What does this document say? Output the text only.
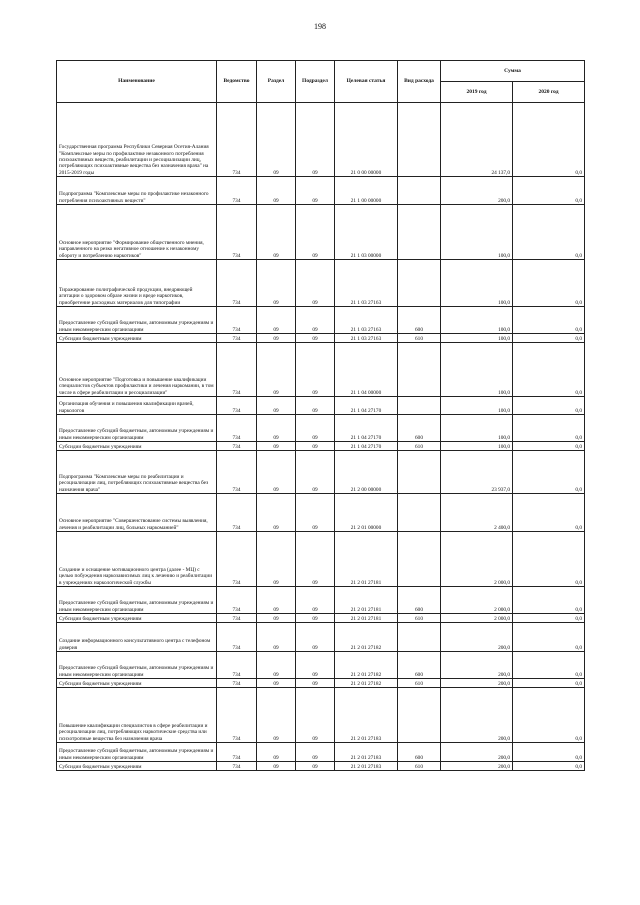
198
Наименование	Ведомство	Раздел	Подраздел	Целевая статья	Вид расхода	Сумма	
						2019 год	2020 год
Государственная программа Республики Северная Осетия-Алания "Комплексные меры по профилактике незаконного потребления психоактивных веществ, реабилитации и ресоциализации лиц, потребляющих психоактивные вещества без назначения врача" на 2015-2019 годы	734	09	09	21 0 00 00000		24 137,0	0,0
Подпрограмма "Комплексные меры по профилактике незаконного потребления психоактивных веществ"	734	09	09	21 1 00 00000		200,0	0,0
Основное мероприятие "Формирование общественного мнения, направленного на резко негативное отношение к незаконному обороту и потреблению наркотиков"	734	09	09	21 1 03 00000		100,0	0,0
Тиражирование полиграфической продукции, внедряющей агитации о здоровом образе жизни и вреде наркотиков, приобретение расходных материалов для типографии	734	09	09	21 1 03 27163		100,0	0,0
Предоставление субсидий бюджетным, автономным учреждениям и иным некоммерческим организациям	734	09	09	21 1 03 27163	600	100,0	0,0
Субсидии бюджетным учреждениям	734	09	09	21 1 03 27163	610	100,0	0,0
Основное мероприятие "Подготовка и повышение квалификации специалистов субъектов профилактики и лечения наркомании, в том числе в сфере реабилитации и ресоциализации"	734	09	09	21 1 04 00000		100,0	0,0
Организация обучения и повышения квалификации врачей, наркологов	734	09	09	21 1 04 27170		100,0	0,0
Предоставление субсидий бюджетным, автономным учреждениям и иным некоммерческим организациям	734	09	09	21 1 04 27170	600	100,0	0,0
Субсидии бюджетным учреждениям	734	09	09	21 1 04 27170	610	100,0	0,0
Подпрограмма "Комплексные меры по реабилитации и ресоциализации лиц, потребляющих психоактивные вещества без назначения врача"	734	09	09	21 2 00 00000		23 937,0	0,0
Основное мероприятие "Совершенствование системы выявления, лечения и реабилитации лиц, больных наркоманией"	734	09	09	21 2 01 00000		2 400,0	0,0
Создание и оснащение мотивационного центра (далее - МЦ) с целью побуждения наркозависимых лиц к лечению и реабилитации в учреждениях наркологической службы	734	09	09	21 2 01 27181		2 000,0	0,0
Предоставление субсидий бюджетным, автономным учреждениям и иным некоммерческим организациям	734	09	09	21 2 01 27181	600	2 000,0	0,0
Субсидии бюджетным учреждениям	734	09	09	21 2 01 27181	610	2 000,0	0,0
Создание информационного консультативного центра с телефоном доверия	734	09	09	21 2 01 27182		200,0	0,0
Предоставление субсидий бюджетным, автономным учреждениям и иным некоммерческим организациям	734	09	09	21 2 01 27182	600	200,0	0,0
Субсидии бюджетным учреждениям	734	09	09	21 2 01 27182	610	200,0	0,0
Повышение квалификации специалистов в сфере реабилитации и ресоциализации лиц, потребляющих наркотические средства или психотропные вещества без назначения врача	734	09	09	21 2 01 27183		200,0	0,0
Предоставление субсидий бюджетным, автономным учреждениям и иным некоммерческим организациям	734	09	09	21 2 01 27183	600	200,0	0,0
Субсидии бюджетным учреждениям	734	09	09	21 2 01 27183	610	200,0	0,0
